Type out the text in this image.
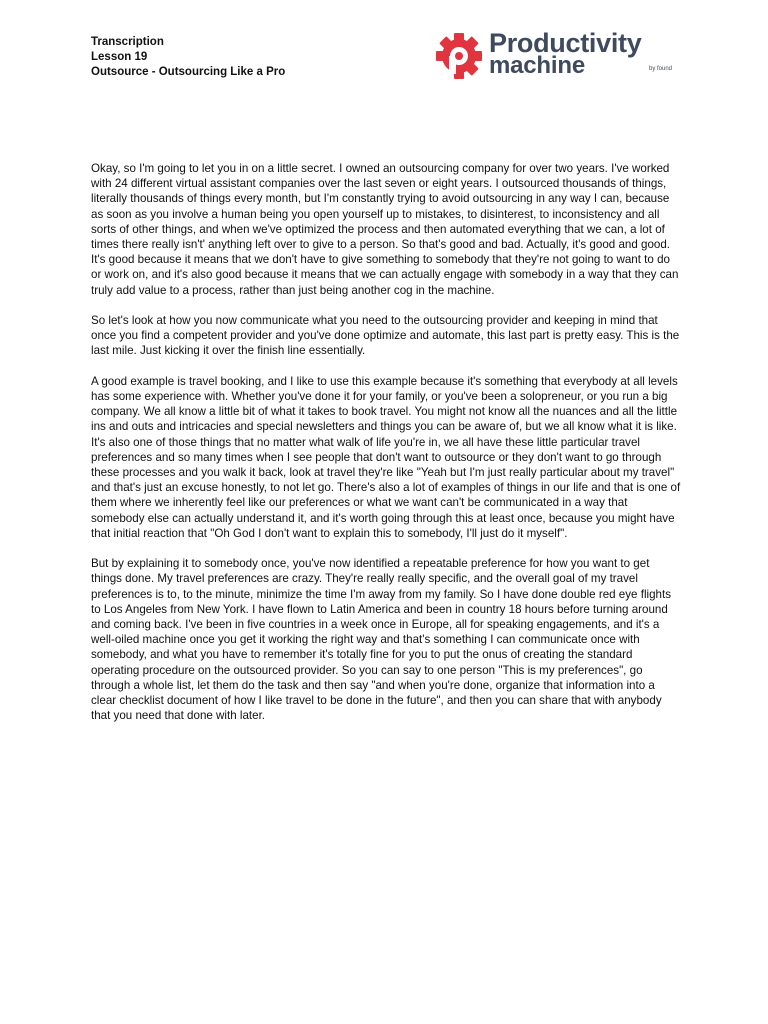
Transcription
Lesson 19
Outsource - Outsourcing Like a Pro
Productivity
machine	by found

Okay, so I'm going to let you in on a little secret. I owned an outsourcing company for over two years. I've worked with 24 different virtual assistant companies over the last seven or eight years. I outsourced thousands of things, literally thousands of things every month, but I'm constantly trying to avoid outsourcing in any way I can, because as soon as you involve a human being you open yourself up to mistakes, to disinterest, to inconsistency and all sorts of other things, and when we've optimized the process and then automated everything that we can, a lot of times there really isn't' anything left over to give to a person. So that's good and bad. Actually, it's good and good. It's good because it means that we don't have to give something to somebody that they're not going to want to do or work on, and it's also good because it means that we can actually engage with somebody in a way that they can truly add value to a process, rather than just being another cog in the machine.

So let's look at how you now communicate what you need to the outsourcing provider and keeping in mind that once you find a competent provider and you've done optimize and automate, this last part is pretty easy. This is the last mile. Just kicking it over the finish line essentially.

A good example is travel booking, and I like to use this example because it's something that everybody at all levels has some experience with. Whether you've done it for your family, or you've been a solopreneur, or you run a big company. We all know a little bit of what it takes to book travel. You might not know all the nuances and all the little ins and outs and intricacies and special newsletters and things you can be aware of, but we all know what it is like. It's also one of those things that no matter what walk of life you're in, we all have these little particular travel preferences and so many times when I see people that don't want to outsource or they don't want to go through these processes and you walk it back, look at travel they're like "Yeah but I'm just really particular about my travel" and that's just an excuse honestly, to not let go. There's also a lot of examples of things in our life and that is one of them where we inherently feel like our preferences or what we want can't be communicated in a way that somebody else can actually understand it, and it's worth going through this at least once, because you might have that initial reaction that "Oh God I don't want to explain this to somebody, I'll just do it myself".

But by explaining it to somebody once, you've now identified a repeatable preference for how you want to get things done. My travel preferences are crazy. They're really really specific, and the overall goal of my travel preferences is to, to the minute, minimize the time I'm away from my family. So I have done double red eye flights to Los Angeles from New York. I have flown to Latin America and been in country 18 hours before turning around and coming back. I've been in five countries in a week once in Europe, all for speaking engagements, and it's a well-oiled machine once you get it working the right way and that's something I can communicate once with somebody, and what you have to remember it's totally fine for you to put the onus of creating the standard operating procedure on the outsourced provider. So you can say to one person "This is my preferences", go through a whole list, let them do the task and then say "and when you're done, organize that information into a clear checklist document of how I like travel to be done in the future", and then you can share that with anybody that you need that done with later.
